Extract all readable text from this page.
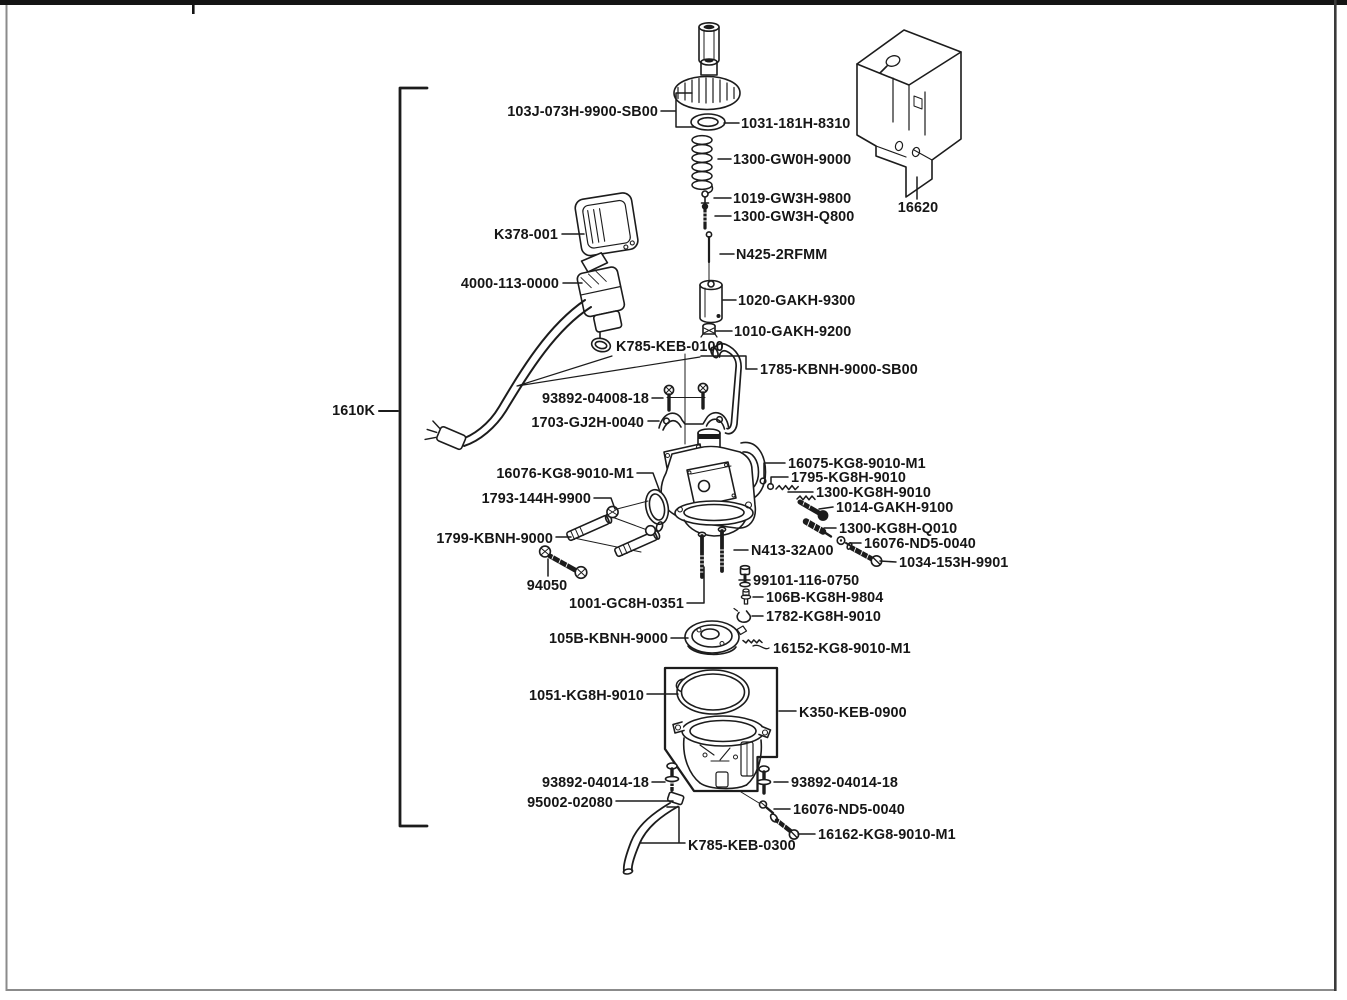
103J-073H-9900-SB00
1031-181H-8310
1300-GW0H-9000
1019-GW3H-9800
1300-GW3H-Q800
K378-001
N425-2RFMM
4000-113-0000
1020-GAKH-9300
1010-GAKH-9200
K785-KEB-0100
1785-KBNH-9000-SB00
93892-04008-18
1703-GJ2H-0040
16076-KG8-9010-M1
1793-144H-9900
16075-KG8-9010-M1
1795-KG8H-9010
1300-KG8H-9010
1014-GAKH-9100
1300-KG8H-Q010
16076-ND5-0040
1034-153H-9901
1799-KBNH-9000
N413-32A00
94050	99101-116-0750
106B-KG8H-9804
1782-KG8H-9010
1001-GC8H-0351
105B-KBNH-9000
16152-KG8-9010-M1
1051-KG8H-9010
K350-KEB-0900
93892-04014-18	93892-04014-18
95002-02080	16076-ND5-0040
16162-KG8-9010-M1
K785-KEB-0300
1610K
16620
